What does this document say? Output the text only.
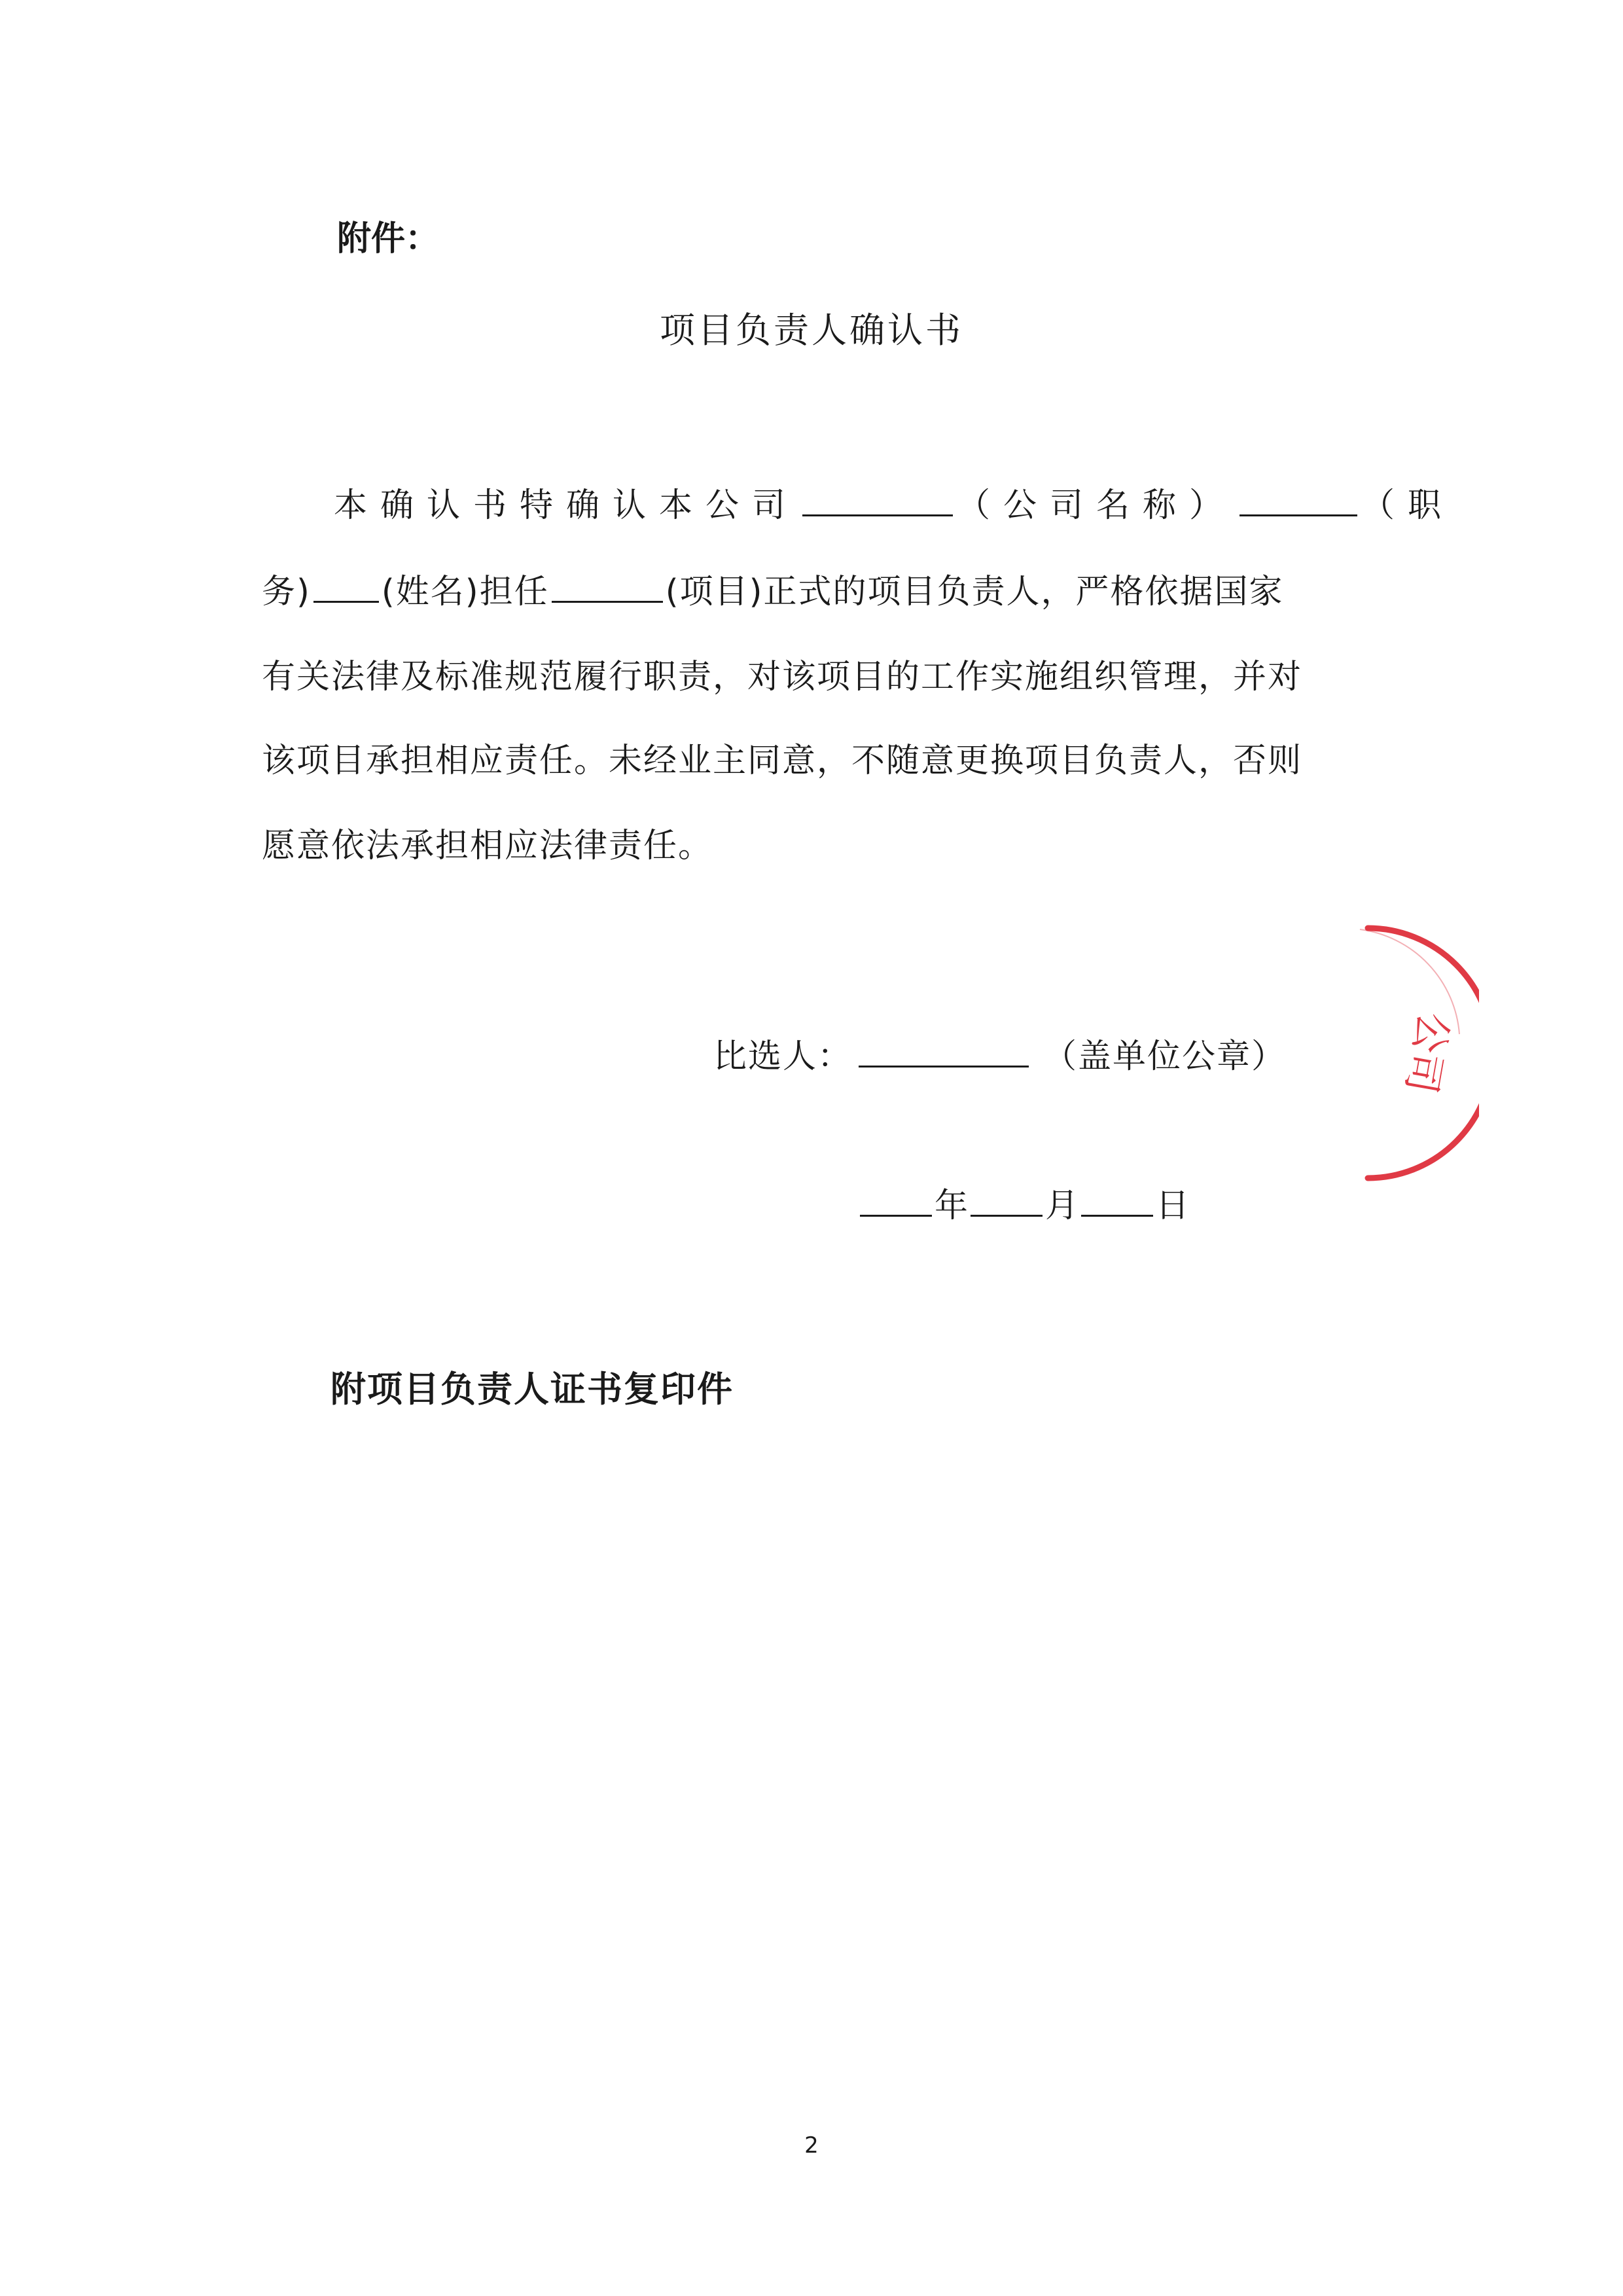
附件：
项目负责人确认书
本确认书特确认本公司	（公司名称）	（职
务) (姓名)担任	(项目)正式的项目负责人，严格依据国家
有关法律及标准规范履行职责，对该项目的工作实施组织管理，并对
该项目承担相应责任。未经业主同意，不随意更换项目负责人，否则
愿意依法承担相应法律责任。
比选人：	（盖单位公章）
年 月 日
公司
附项目负责人证书复印件
2
